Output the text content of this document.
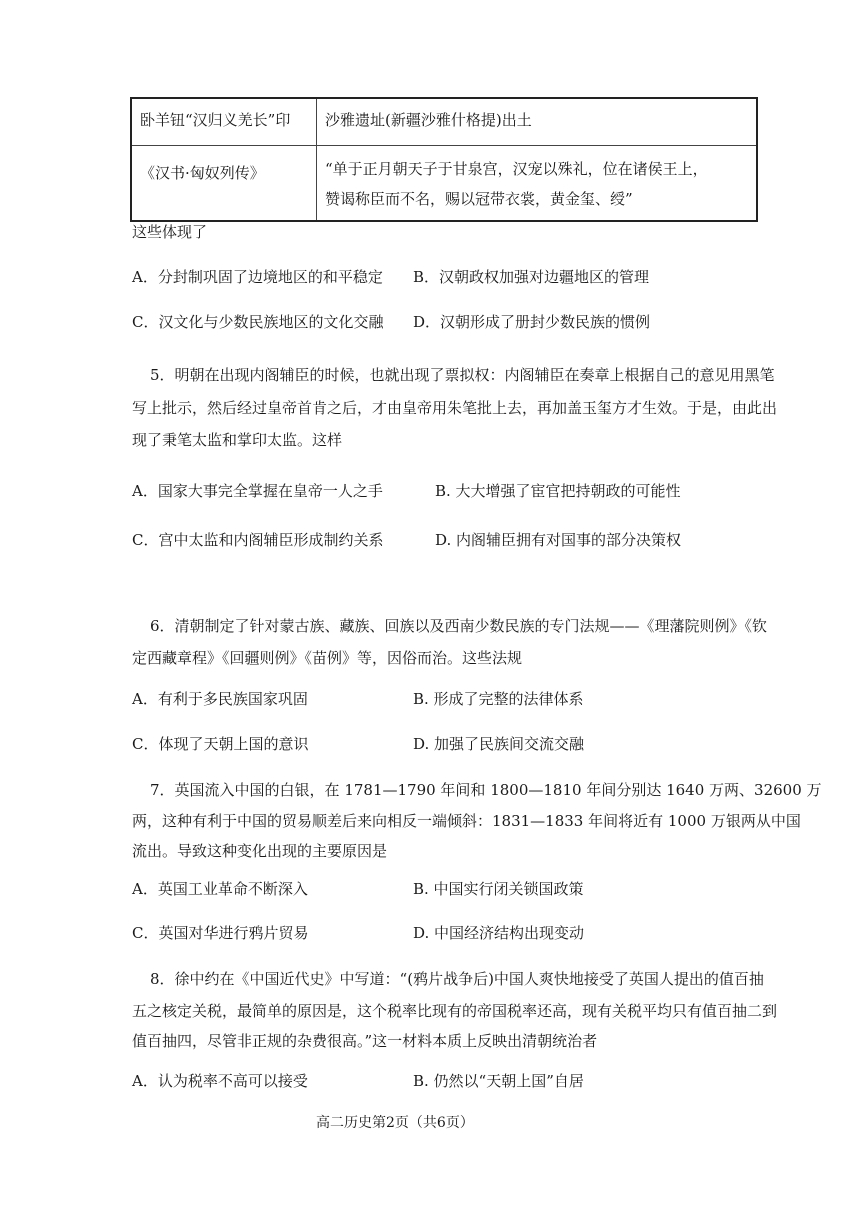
卧羊钮“汉归义羌长”印	沙雅遗址(新疆沙雅什格提)出土
《汉书·匈奴列传》	“单于正月朝天子于甘泉宫，汉宠以殊礼，位在诸侯王上，
赞谒称臣而不名，赐以冠带衣裳，黄金玺、绶”
这些体现了
A．分封制巩固了边境地区的和平稳定 B．汉朝政权加强对边疆地区的管理
C．汉文化与少数民族地区的文化交融 D．汉朝形成了册封少数民族的惯例
5．明朝在出现内阁辅臣的时候，也就出现了票拟权：内阁辅臣在奏章上根据自己的意见用黑笔
写上批示，然后经过皇帝首肯之后，才由皇帝用朱笔批上去，再加盖玉玺方才生效。于是，由此出
现了秉笔太监和掌印太监。这样
A．国家大事完全掌握在皇帝一人之手	B. 大大增强了宦官把持朝政的可能性
C．宫中太监和内阁辅臣形成制约关系	D. 内阁辅臣拥有对国事的部分决策权
6．清朝制定了针对蒙古族、藏族、回族以及西南少数民族的专门法规——《理藩院则例》《钦
定西藏章程》《回疆则例》《苗例》等，因俗而治。这些法规
A．有利于多民族国家巩固	B. 形成了完整的法律体系
C．体现了天朝上国的意识	D. 加强了民族间交流交融
7．英国流入中国的白银，在 1781—1790 年间和 1800—1810 年间分别达 1640 万两、32600 万
两，这种有利于中国的贸易顺差后来向相反一端倾斜：1831—1833 年间将近有 1000 万银两从中国
流出。导致这种变化出现的主要原因是
A．英国工业革命不断深入	B. 中国实行闭关锁国政策
C．英国对华进行鸦片贸易	D. 中国经济结构出现变动
8．徐中约在《中国近代史》中写道：“(鸦片战争后)中国人爽快地接受了英国人提出的值百抽
五之核定关税，最简单的原因是，这个税率比现有的帝国税率还高，现有关税平均只有值百抽二到
值百抽四，尽管非正规的杂费很高。”这一材料本质上反映出清朝统治者
A．认为税率不高可以接受	B. 仍然以“天朝上国”自居
高二历史第2页（共6页）
